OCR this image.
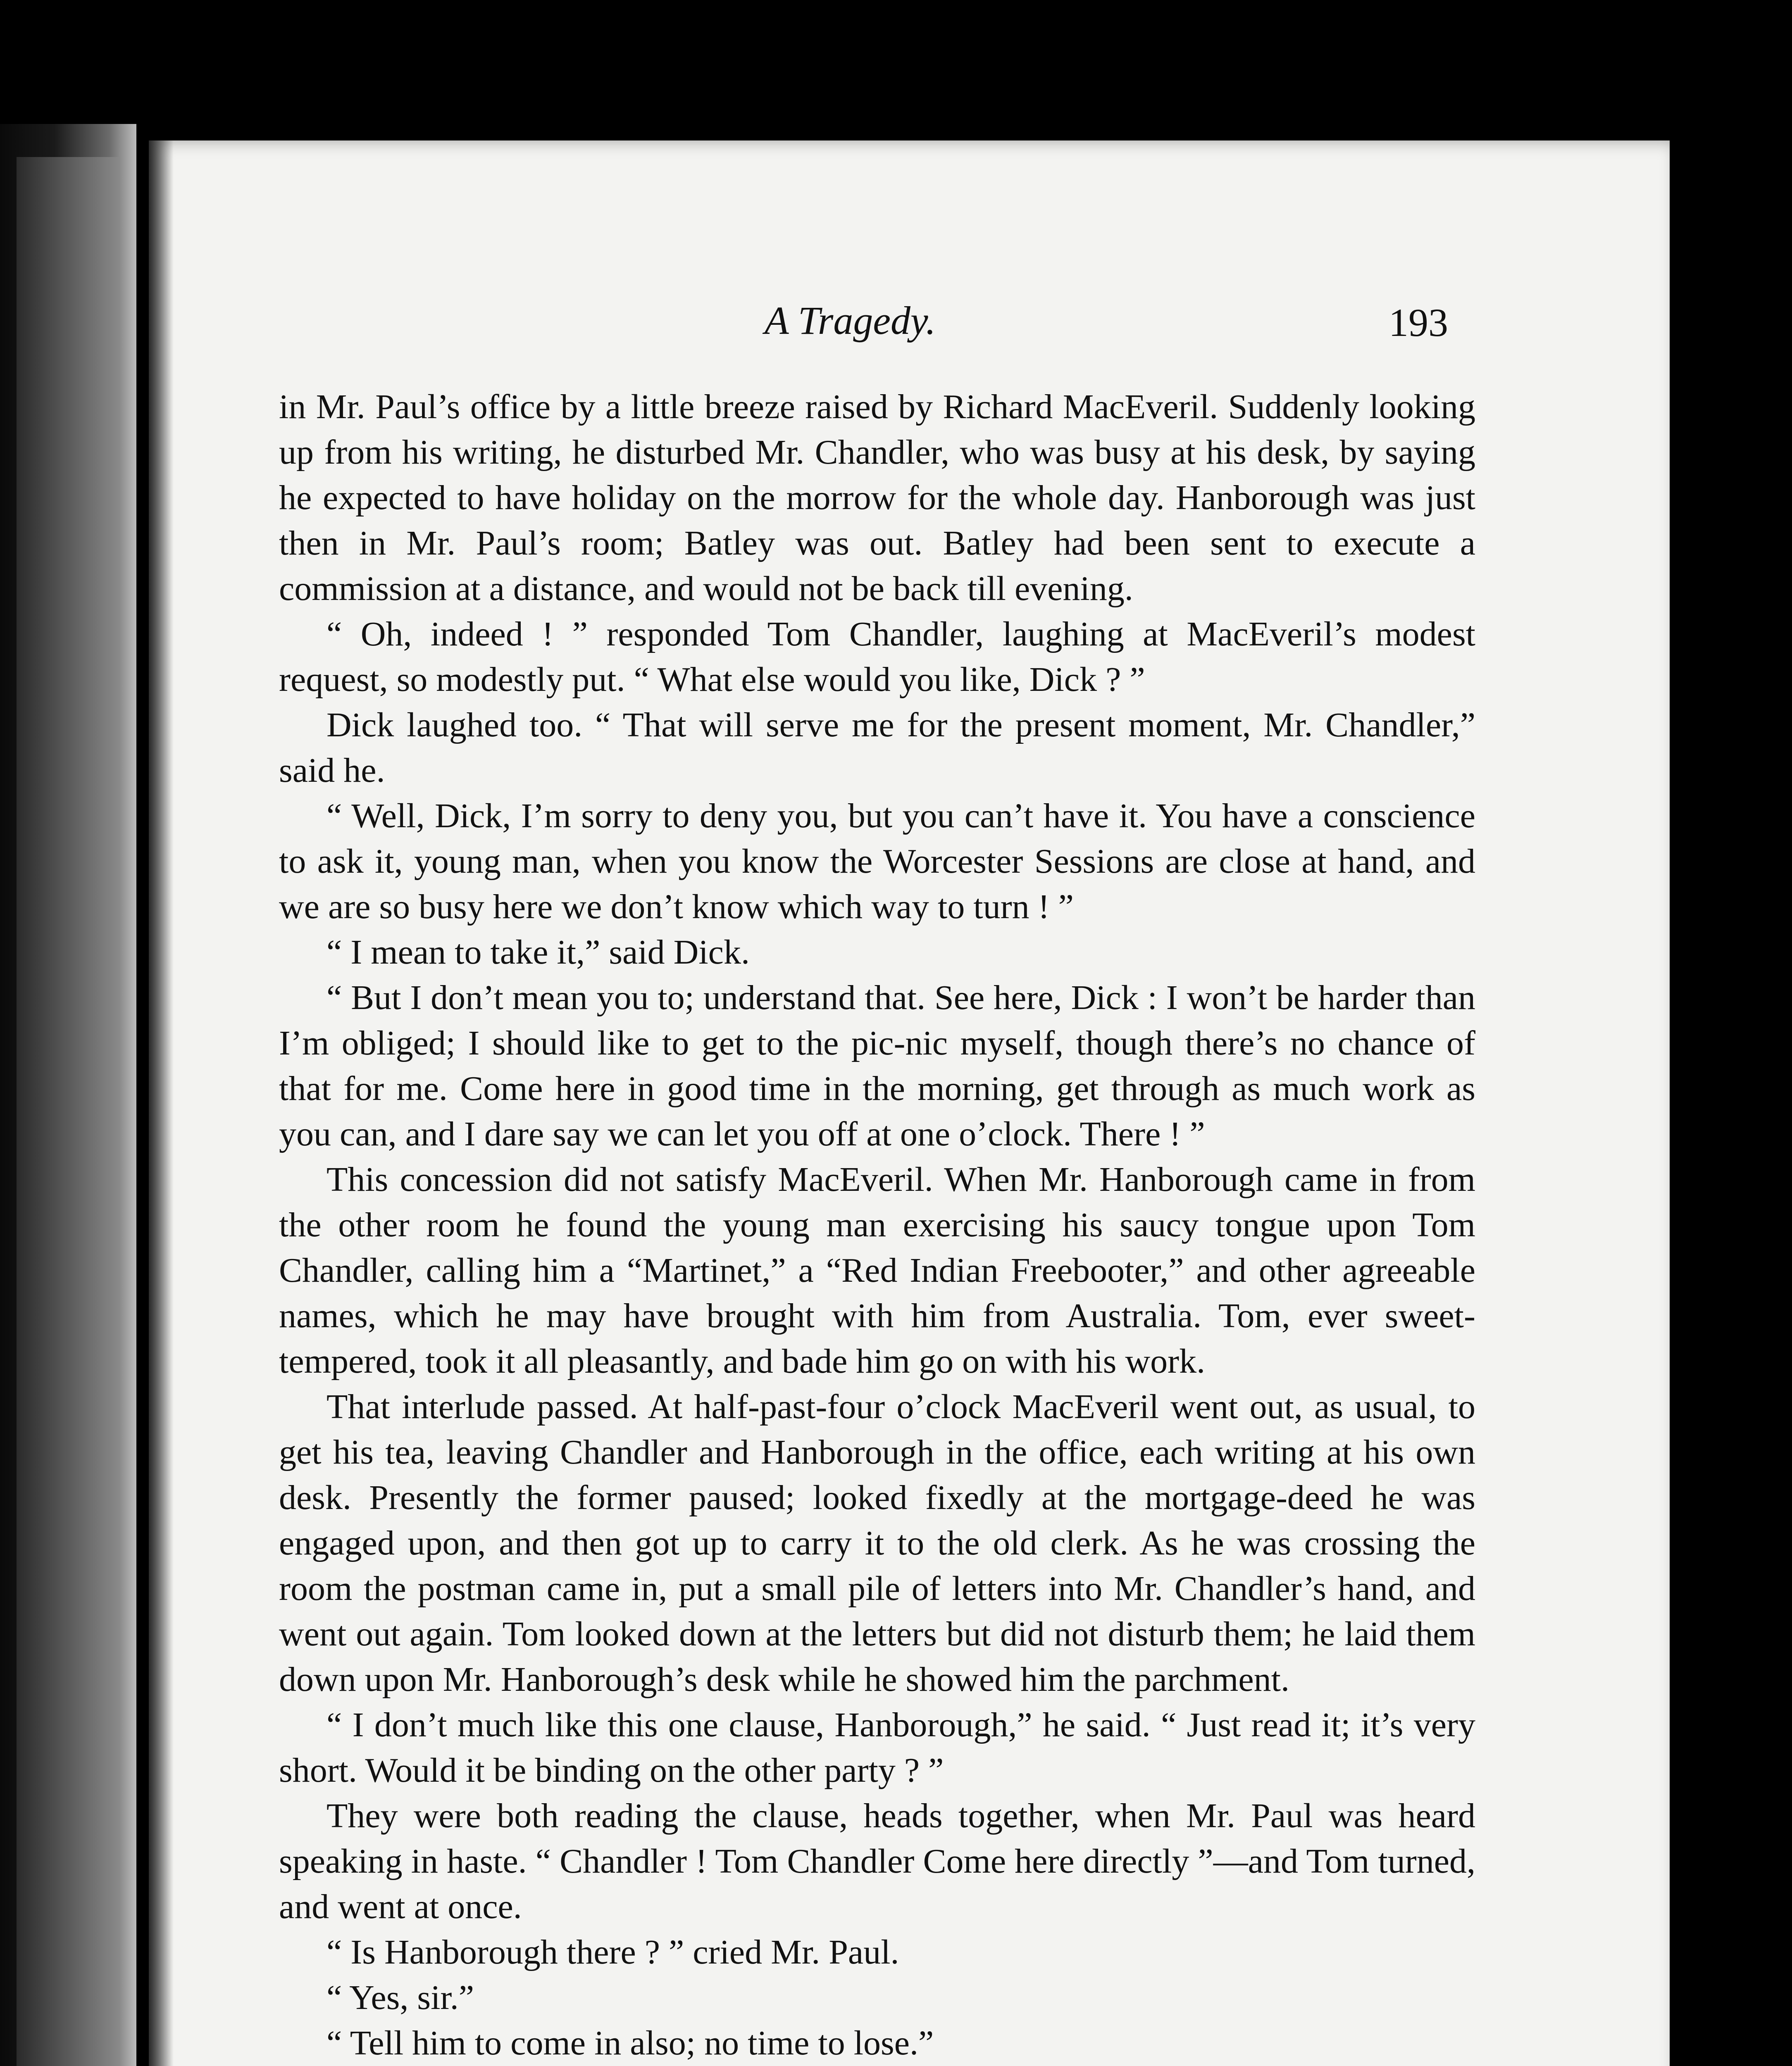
A Tragedy.	193

in Mr. Paul’s office by a little breeze raised by Richard MacEveril. Suddenly looking up from his writing, he disturbed Mr. Chandler, who was busy at his desk, by saying he expected to have holiday on the morrow for the whole day. Hanborough was just then in Mr. Paul’s room; Batley was out. Batley had been sent to execute a commission at a distance, and would not be back till evening.

“ Oh, indeed ! ” responded Tom Chandler, laughing at MacEveril’s modest request, so modestly put. “ What else would you like, Dick ? ”

Dick laughed too. “ That will serve me for the present moment, Mr. Chandler,” said he.

“ Well, Dick, I’m sorry to deny you, but you can’t have it. You have a conscience to ask it, young man, when you know the Worcester Sessions are close at hand, and we are so busy here we don’t know which way to turn ! ”

“ I mean to take it,” said Dick.

“ But I don’t mean you to; understand that. See here, Dick : I won’t be harder than I’m obliged; I should like to get to the pic-nic myself, though there’s no chance of that for me. Come here in good time in the morning, get through as much work as you can, and I dare say we can let you off at one o’clock. There ! ”

This concession did not satisfy MacEveril. When Mr. Hanborough came in from the other room he found the young man exercising his saucy tongue upon Tom Chandler, calling him a “Martinet,” a “Red Indian Freebooter,” and other agreeable names, which he may have brought with him from Australia. Tom, ever sweet-tempered, took it all pleasantly, and bade him go on with his work.

That interlude passed. At half-past-four o’clock MacEveril went out, as usual, to get his tea, leaving Chandler and Hanborough in the office, each writing at his own desk. Presently the former paused; looked fixedly at the mortgage-deed he was engaged upon, and then got up to carry it to the old clerk. As he was crossing the room the postman came in, put a small pile of letters into Mr. Chandler’s hand, and went out again. Tom looked down at the letters but did not disturb them; he laid them down upon Mr. Hanborough’s desk while he showed him the parchment.

“ I don’t much like this one clause, Hanborough,” he said. “ Just read it; it’s very short. Would it be binding on the other party ? ”

They were both reading the clause, heads together, when Mr. Paul was heard speaking in haste. “ Chandler ! Tom Chandler Come here directly ”—and Tom turned, and went at once.

“ Is Hanborough there ? ” cried Mr. Paul.

“ Yes, sir.”

“ Tell him to come in also; no time to lose.”
